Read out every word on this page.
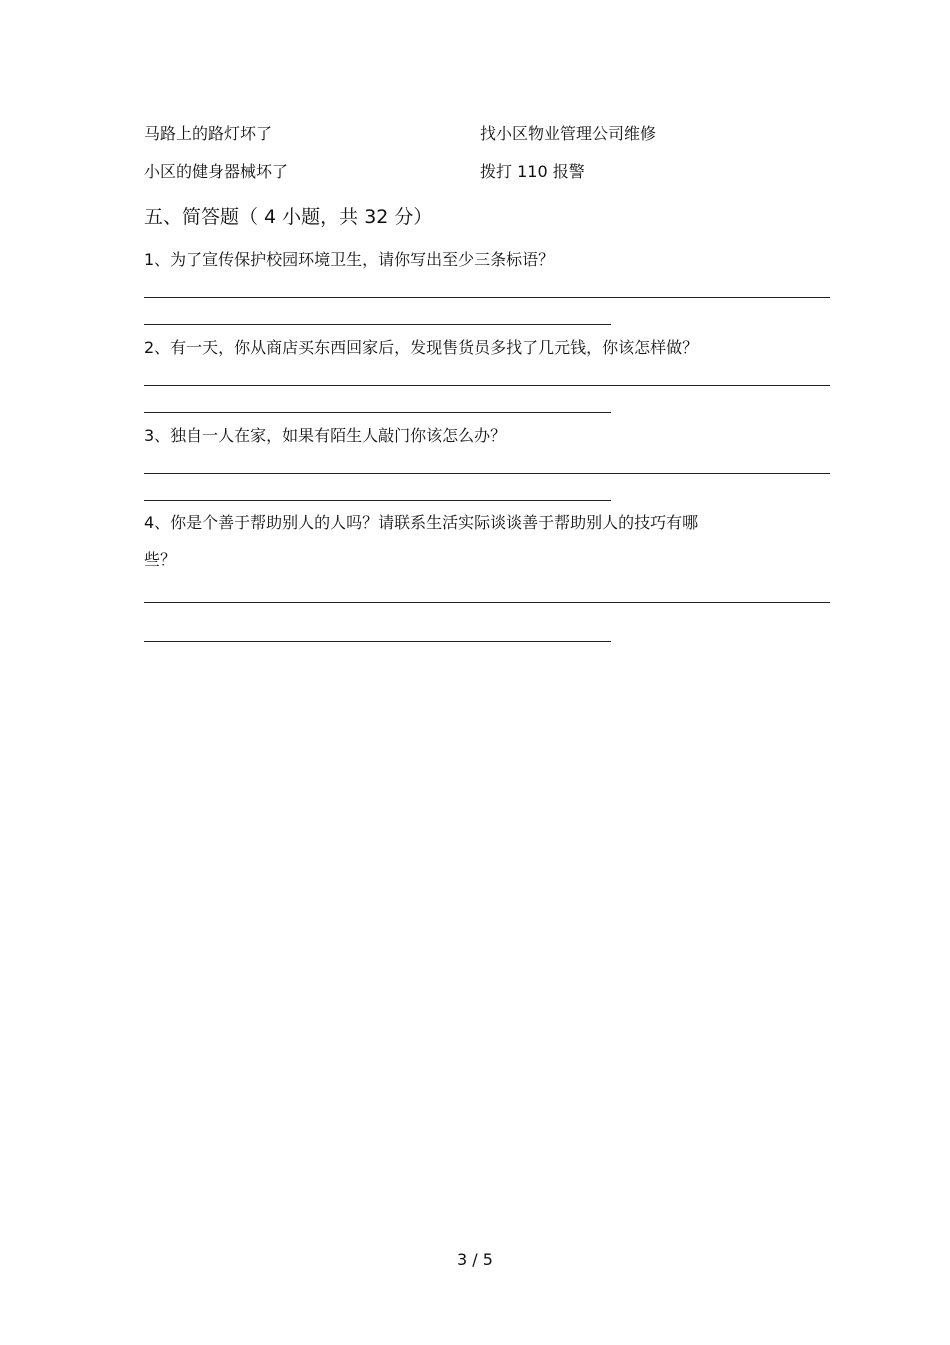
马路上的路灯坏了	找小区物业管理公司维修
小区的健身器械坏了	拨打 110 报警
五、简答题（ 4 小题，共 32 分）
1、为了宣传保护校园环境卫生，请你写出至少三条标语？
2、有一天，你从商店买东西回家后，发现售货员多找了几元钱，你该怎样做？
3、独自一人在家，如果有陌生人敲门你该怎么办？
4、你是个善于帮助别人的人吗？请联系生活实际谈谈善于帮助别人的技巧有哪
些？
3 / 5
